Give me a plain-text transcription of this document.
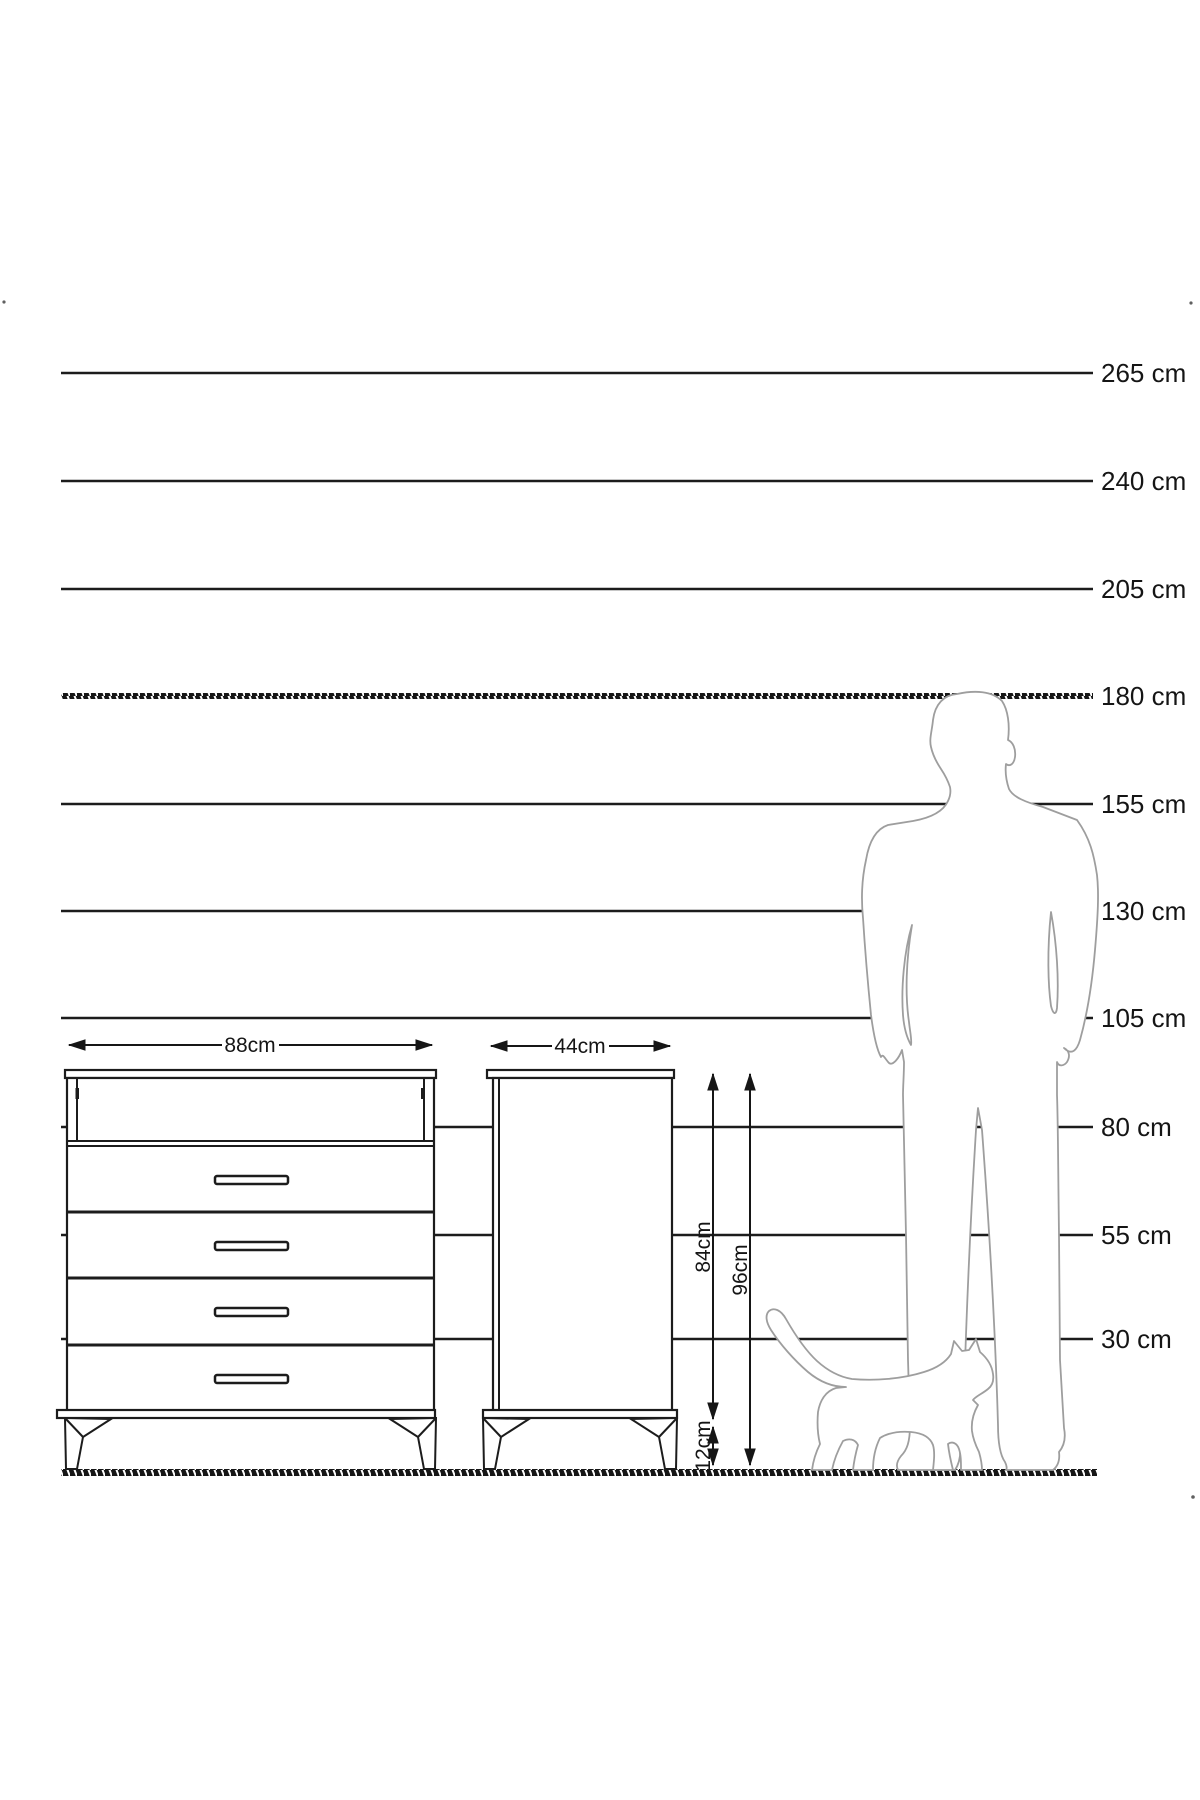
265 cm
240 cm
205 cm
180 cm
155 cm
130 cm
105 cm
80 cm
55 cm
30 cm
88cm	44cm
84cm
12cm
96cm
